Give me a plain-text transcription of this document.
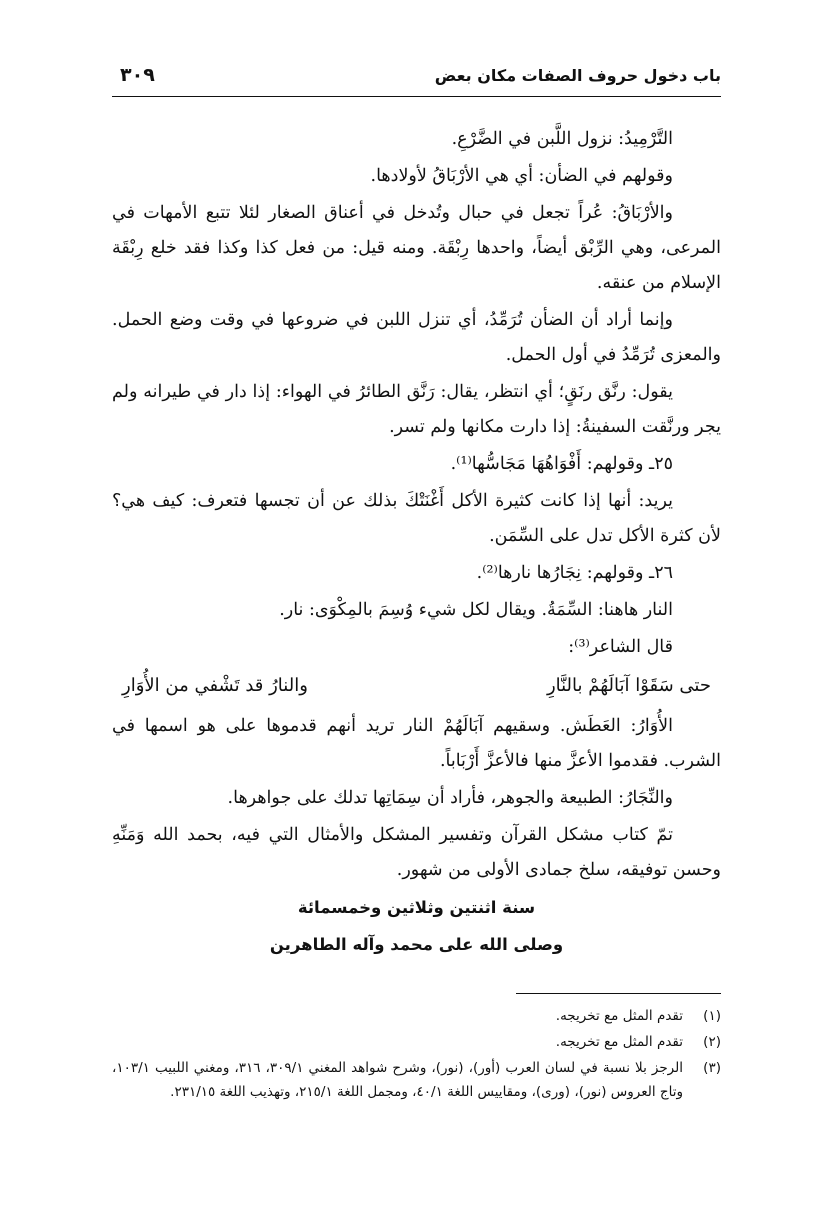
باب دخول حروف الصفات مكان بعض
٣٠٩

التَّرْمِيدُ: نزول اللَّبن في الضَّرْعِ.

وقولهم في الضأن: أي هي الأرْبَاقُ لأولادها.

والأرْبَاقُ: عُراً تجعل في حبال وتُدخل في أعناق الصغار لئلا تتبع الأمهات في المرعى، وهي الرِّبْق أيضاً، واحدها رِبْقَة. ومنه قيل: من فعل كذا وكذا فقد خلع رِبْقَة الإسلام من عنقه.

وإنما أراد أن الضأن تُرَمِّدُ، أي تنزل اللبن في ضروعها في وقت وضع الحمل. والمعزى تُرَمِّدُ في أول الحمل.

يقول: رنَّق رنَقٍ؛ أي انتظر، يقال: رَنَّق الطائرُ في الهواء: إذا دار في طيرانه ولم يجر ورنَّقت السفينةُ: إذا دارت مكانها ولم تسر.

٢٥ـ وقولهم: أَفْوَاهُهَا مَجَاسُّها⁽¹⁾.

يريد: أنها إذا كانت كثيرة الأكل أَغْنَتْكَ بذلك عن أن تجسها فتعرف: كيف هي؟ لأن كثرة الأكل تدل على السِّمَن.

٢٦ـ وقولهم: نِجَارُها نارها⁽²⁾.

النار هاهنا: السِّمَةُ. ويقال لكل شيء وُسِمَ بالمِكْوَى: نار.

قال الشاعر⁽³⁾:

حتى سَقَوْا آبَالَهُمْ بالنَّارِ
والنارُ قد تَشْفي من الأُوَارِ

الأُوَارُ: العَطَش. وسقيهم آبَالَهُمْ النار تريد أنهم قدموها على هو اسمها في الشرب. فقدموا الأعزَّ منها فالأعزَّ أَرْبَاباً.

والنِّجَارُ: الطبيعة والجوهر، فأراد أن سِمَاتِها تدلك على جواهرها.

تمّ كتاب مشكل القرآن وتفسير المشكل والأمثال التي فيه، بحمد الله وَمَنِّهِ وحسن توفيقه، سلخ جمادى الأولى من شهور.

سنة اثنتين وثلاثين وخمسمائة

وصلى الله على محمد وآله الطاهرين

(١)
تقدم المثل مع تخريجه.
(٢)
تقدم المثل مع تخريجه.
(٣)
الرجز بلا نسبة في لسان العرب (أور)، (نور)، وشرح شواهد المغني ٣٠٩/١، ٣١٦، ومغني اللبيب ١٠٣/١، وتاج العروس (نور)، (ورى)، ومقاييس اللغة ٤٠/١، ومجمل اللغة ٢١٥/١، وتهذيب اللغة ٢٣١/١٥.
